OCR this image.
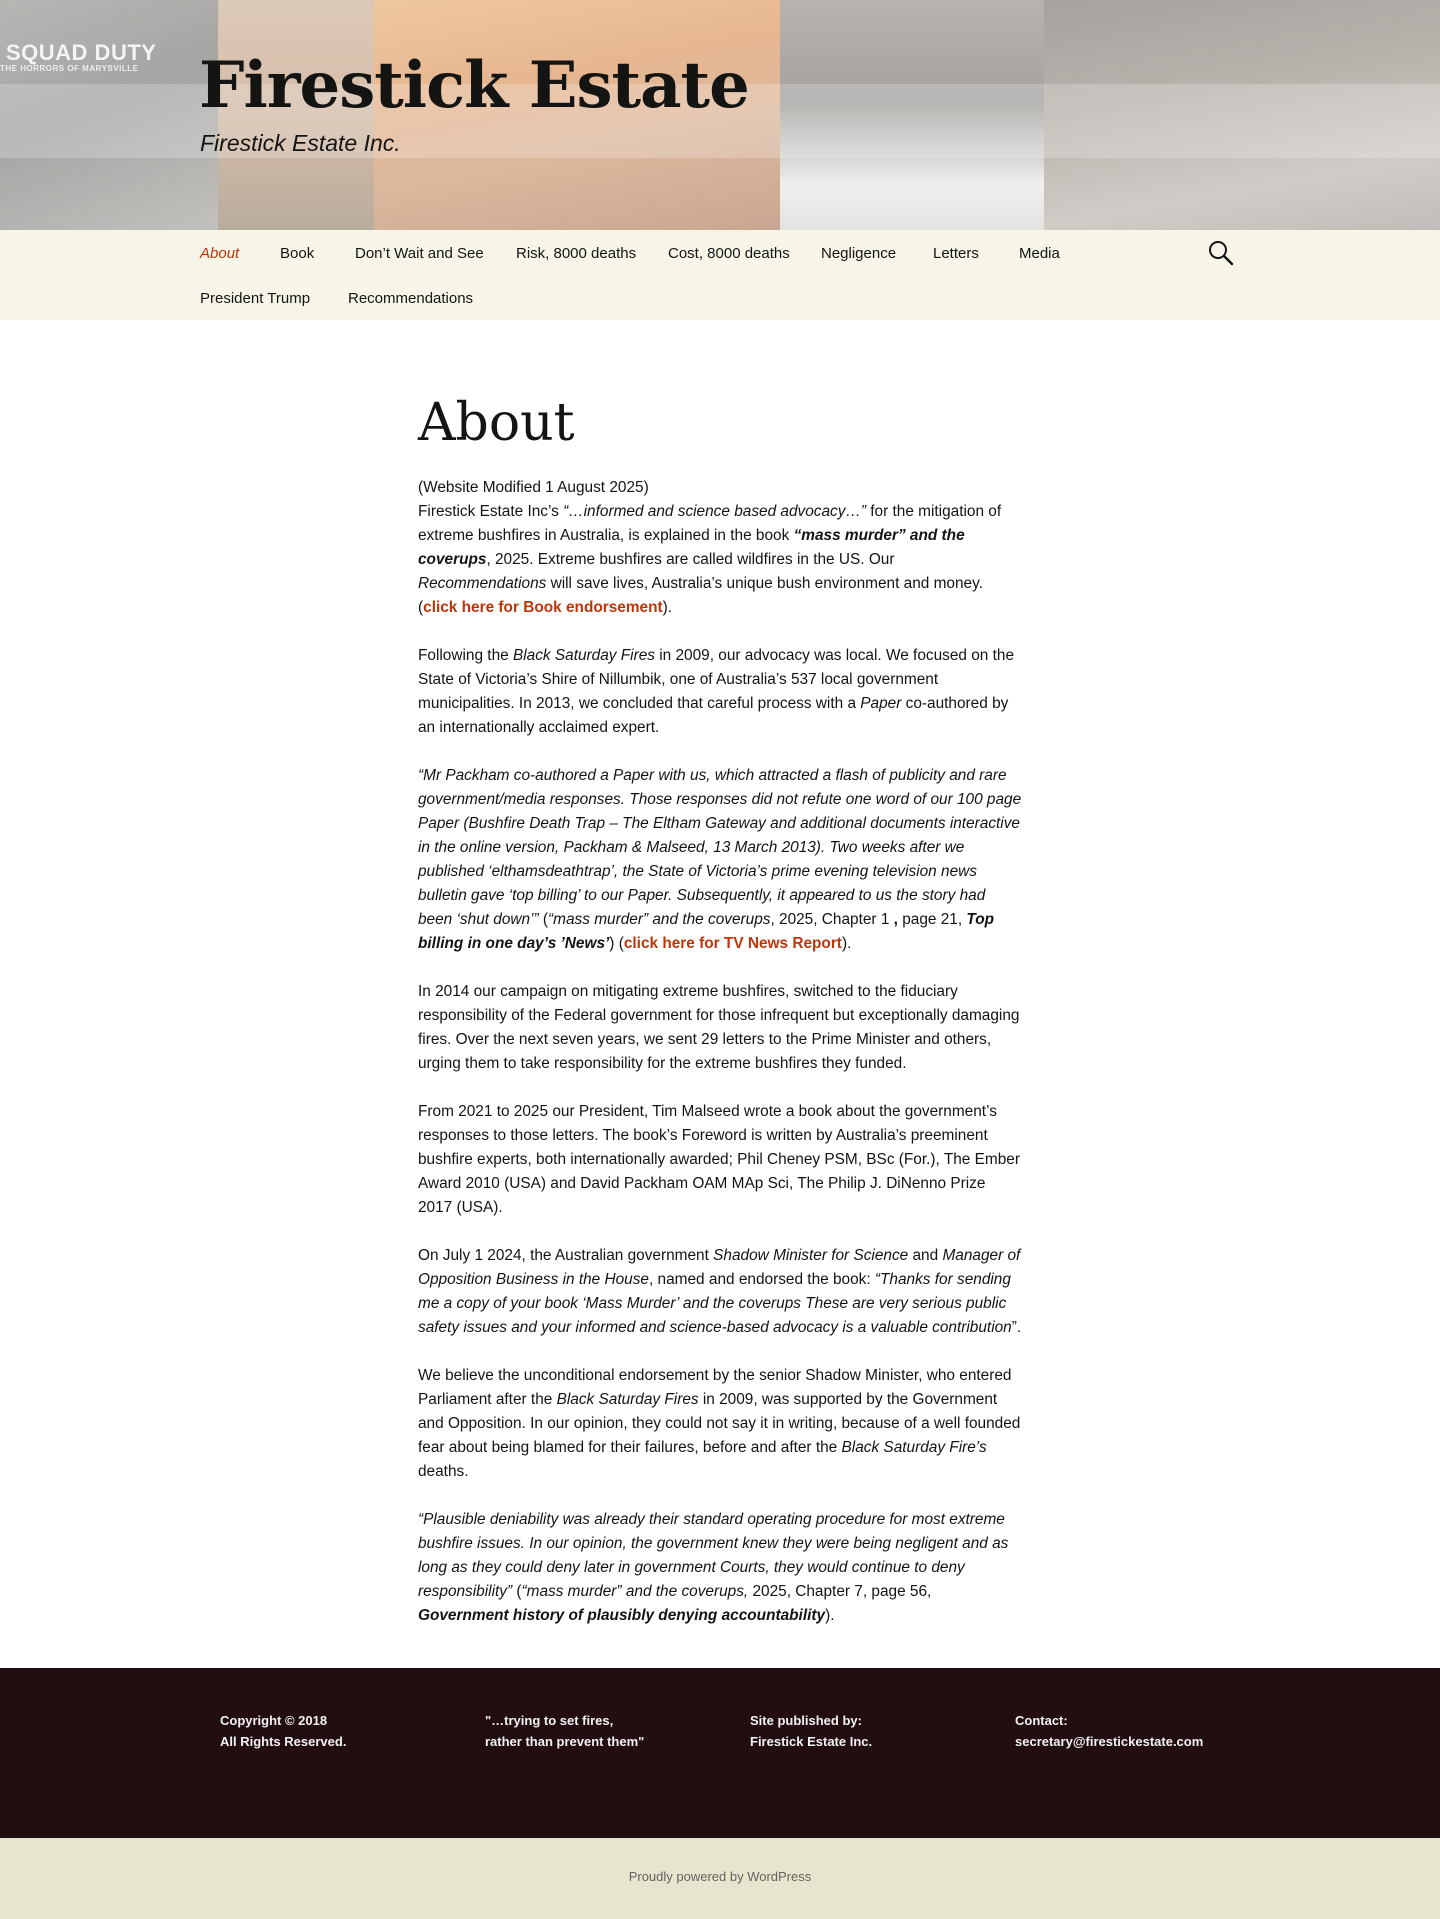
SQUAD DUTY
THE HORRORS OF MARYSVILLE Firestick Estate
Firestick Estate Inc.
About	Book	Don’t Wait and See Risk, 8000 deaths Cost, 8000 deaths Negligence Letters	Media
President Trump	Recommendations
About

(Website Modified 1 August 2025)
Firestick Estate Inc’s “…informed and science based advocacy…” for the mitigation of extreme bushfires in Australia, is explained in the book “mass murder” and the coverups, 2025. Extreme bushfires are called wildfires in the US. Our Recommendations will save lives, Australia’s unique bush environment and money. (click here for Book endorsement).

Following the Black Saturday Fires in 2009, our advocacy was local. We focused on the State of Victoria’s Shire of Nillumbik, one of Australia’s 537 local government municipalities. In 2013, we concluded that careful process with a Paper co-authored by an internationally acclaimed expert.

“Mr Packham co-authored a Paper with us, which attracted a flash of publicity and rare government/media responses. Those responses did not refute one word of our 100 page Paper (Bushfire Death Trap – The Eltham Gateway and additional documents interactive in the online version, Packham & Malseed, 13 March 2013). Two weeks after we published ‘elthamsdeathtrap’, the State of Victoria’s prime evening television news bulletin gave ‘top billing’ to our Paper. Subsequently, it appeared to us the story had been ‘shut down’” (“mass murder” and the coverups, 2025, Chapter 1 , page 21, Top billing in one day’s ’News’) (click here for TV News Report).

In 2014 our campaign on mitigating extreme bushfires, switched to the fiduciary responsibility of the Federal government for those infrequent but exceptionally damaging fires. Over the next seven years, we sent 29 letters to the Prime Minister and others, urging them to take responsibility for the extreme bushfires they funded.

From 2021 to 2025 our President, Tim Malseed wrote a book about the government’s responses to those letters. The book’s Foreword is written by Australia’s preeminent bushfire experts, both internationally awarded; Phil Cheney PSM, BSc (For.), The Ember Award 2010 (USA) and David Packham OAM MAp Sci, The Philip J. DiNenno Prize 2017 (USA).

On July 1 2024, the Australian government Shadow Minister for Science and Manager of Opposition Business in the House, named and endorsed the book: “Thanks for sending me a copy of your book ‘Mass Murder’ and the coverups These are very serious public safety issues and your informed and science-based advocacy is a valuable contribution”.

We believe the unconditional endorsement by the senior Shadow Minister, who entered Parliament after the Black Saturday Fires in 2009, was supported by the Government and Opposition. In our opinion, they could not say it in writing, because of a well founded fear about being blamed for their failures, before and after the Black Saturday Fire’s deaths.

“Plausible deniability was already their standard operating procedure for most extreme bushfire issues. In our opinion, the government knew they were being negligent and as long as they could deny later in government Courts, they would continue to deny responsibility” (“mass murder” and the coverups, 2025, Chapter 7, page 56, Government history of plausibly denying accountability).

Copyright © 2018
All Rights Reserved.
"…trying to set fires,
rather than prevent them"
Site published by:
Firestick Estate Inc.
Contact:
secretary@firestickestate.com
Proudly powered by WordPress
